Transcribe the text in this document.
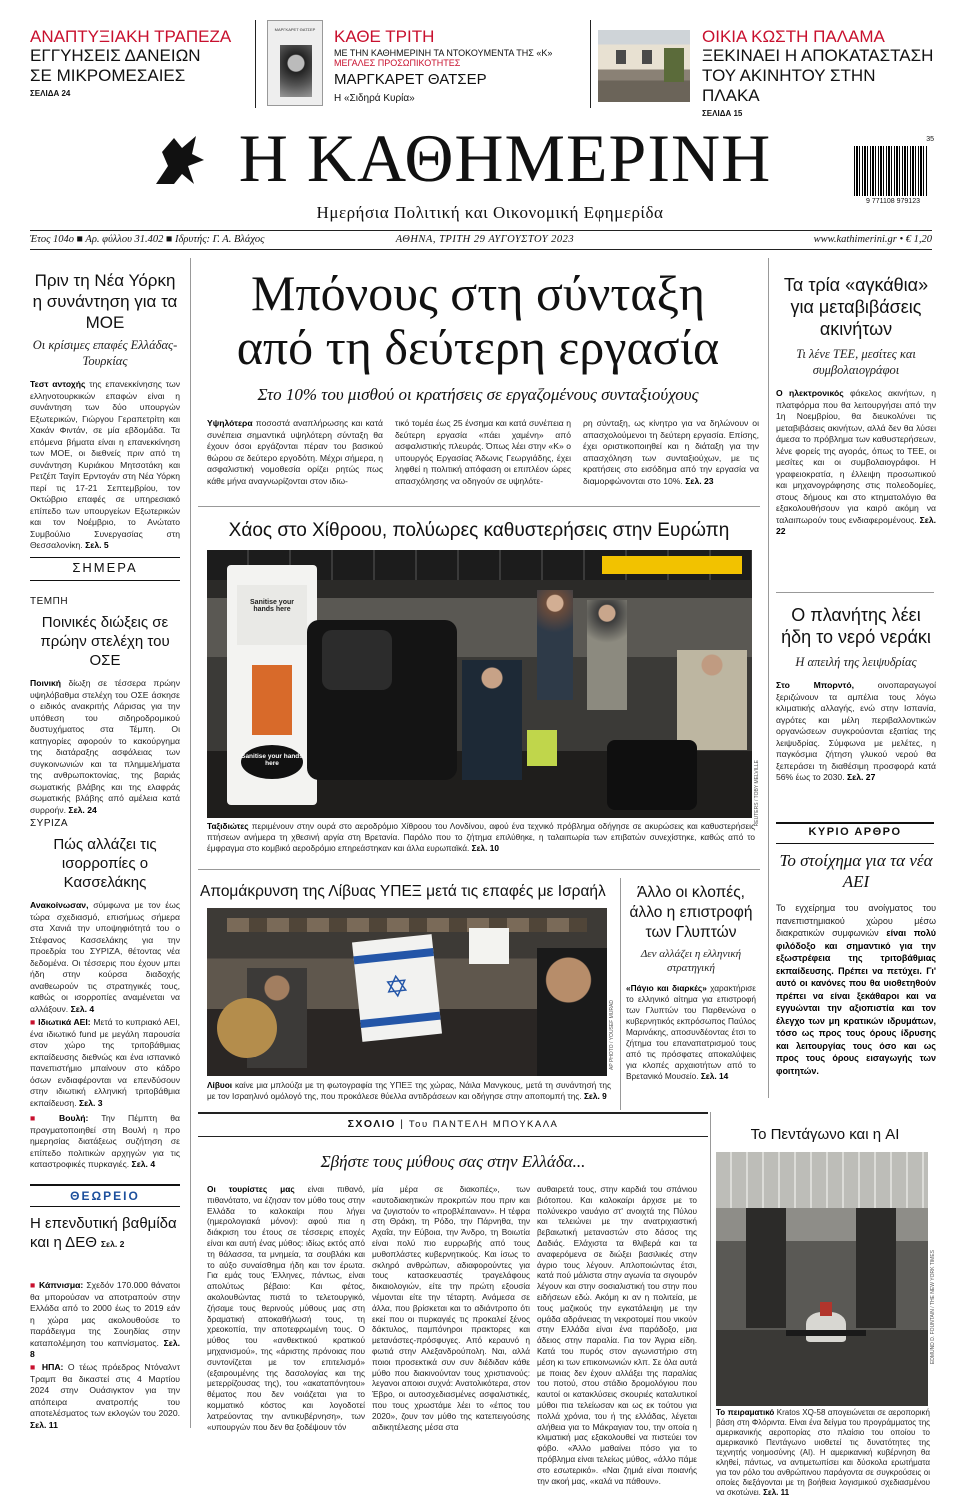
ΑΝΑΠΤΥΞΙΑΚΗ ΤΡΑΠΕΖΑ
ΕΓΓΥΗΣΕΙΣ ΔΑΝΕΙΩΝ
ΣΕ ΜΙΚΡΟΜΕΣΑΙΕΣ
ΣΕΛΙΔΑ 24
ΜΑΡΓΚΑΡΕΤ ΘΑΤΣΕΡ	ΚΑΘΕ ΤΡΙΤΗ
ΜΕ ΤΗΝ ΚΑΘΗΜΕΡΙΝΗ ΤΑ ΝΤΟΚΟΥΜΕΝΤΑ ΤΗΣ «Κ»
ΜΕΓΑΛΕΣ ΠΡΟΣΩΠΙΚΟΤΗΤΕΣ
ΜΑΡΓΚΑΡΕΤ ΘΑΤΣΕΡ
Η «Σιδηρά Κυρία»
ΟΙΚΙΑ ΚΩΣΤΗ ΠΑΛΑΜΑ
ΞΕΚΙΝΑΕΙ Η ΑΠΟΚΑΤΑΣΤΑΣΗ
ΤΟΥ ΑΚΙΝΗΤΟΥ ΣΤΗΝ ΠΛΑΚΑ
ΣΕΛΙΔΑ 15
Η ΚΑΘΗΜΕΡΙΝΗ
Ημερήσια Πολιτική και Οικονομική Εφημερίδα
35
9 771108 979123
Έτος 104ο ■ Αρ. φύλλου 31.402 ■ Ιδρυτής: Γ. Α. Βλάχος	ΑΘΗΝΑ, ΤΡΙΤΗ 29 ΑΥΓΟΥΣΤΟΥ 2023	www.kathimerini.gr • € 1,20
Πριν τη Νέα Υόρκη η συνάντηση για τα ΜΟΕ
Οι κρίσιμες επαφές Ελλάδας-Τουρκίας
Τεστ αντοχής της επανεκκίνησης των ελληνοτουρκικών επαφών είναι η συνάντηση των δύο υπουργών Εξωτερικών, Γιώργου Γεραπετρίτη και Χακάν Φιντάν, σε μία εβδομάδα. Τα επόμενα βήματα είναι η επανεκκίνηση των ΜΟΕ, οι διεθνείς πριν από τη συνάντηση Κυριάκου Μητσοτάκη και Ρετζέπ Ταγίπ Ερντογάν στη Νέα Υόρκη περί τις 17-21 Σεπτεμβρίου, τον Οκτώβριο επαφές σε υπηρεσιακό επίπεδο των υπουργείων Εξωτερικών και τον Νοέμβριο, το Ανώτατο Συμβούλιο Συνεργασίας στη Θεσσαλονίκη. Σελ. 5
ΣΗΜΕΡΑ
ΤΕΜΠΗ
Ποινικές διώξεις σε πρώην στελέχη του ΟΣΕ
Ποινική δίωξη σε τέσσερα πρώην υψηλόβαθμα στελέχη του ΟΣΕ άσκησε ο ειδικός ανακριτής Λάρισας για την υπόθεση του σιδηροδρομικού δυστυχήματος στα Τέμπη. Οι κατηγορίες αφορούν το κακούργημα της διατάραξης ασφάλειας των συγκοινωνιών και τα πλημμελήματα της ανθρωποκτονίας, της βαριάς σωματικής βλάβης και της ελαφράς σωματικής βλάβης από αμέλεια κατά συρροήν. Σελ. 24
ΣΥΡΙΖΑ
Πώς αλλάζει τις ισορροπίες ο Κασσελάκης
Ανακοίνωσαν, σύμφωνα με τον έως τώρα σχεδιασμό, επισήμως σήμερα στα Χανιά την υποψηφιότητά του ο Στέφανος Κασσελάκης για την προεδρία του ΣΥΡΙΖΑ, θέτοντας νέα δεδομένα. Οι τέσσερις που έχουν μπει ήδη στην κούρσα διαδοχής αναθεωρούν τις στρατηγικές τους, καθώς οι ισορροπίες αναμένεται να αλλάξουν. Σελ. 4
■ Ιδιωτικά ΑΕΙ: Μετά το κυπριακό ΑΕΙ, ένα ιδιωτικό fund με μεγάλη παρουσία στον χώρο της τριτοβάθμιας εκπαίδευσης διεθνώς και ένα ισπανικό πανεπιστήμιο μπαίνουν στο κάδρο όσων ενδιαφέρονται να επενδύσουν στην ιδιωτική ελληνική τριτοβάθμια εκπαίδευση. Σελ. 3
■ Βουλή: Την Πέμπτη θα πραγματοποιηθεί στη Βουλή η προ ημερησίας διατάξεως συζήτηση σε επίπεδο πολιτικών αρχηγών για τις καταστροφικές πυρκαγιές. Σελ. 4
ΘΕΩΡΕΙΟ
Η επενδυτική βαθμίδα και η ΔΕΘ Σελ. 2
■ Κάπνισμα: Σχεδόν 170.000 θάνατοι θα μπορούσαν να αποτραπούν στην Ελλάδα από το 2000 έως το 2019 εάν η χώρα μας ακολουθούσε το παράδειγμα της Σουηδίας στην καταπολέμηση του καπνίσματος. Σελ. 8
■ ΗΠΑ: Ο τέως πρόεδρος Ντόναλντ Τραμπ θα δικαστεί στις 4 Μαρτίου 2024 στην Ουάσιγκτον για την απόπειρα ανατροπής του αποτελέσματος των εκλογών του 2020. Σελ. 11
Μπόνους στη σύνταξη
από τη δεύτερη εργασία
Στο 10% του μισθού οι κρατήσεις σε εργαζομένους συνταξιούχους
Υψηλότερα ποσοστά αναπλήρωσης και κατά συνέπεια σημαντικά υψηλότερη σύνταξη θα έχουν όσοι εργάζονται πέραν του βασικού θώρου σε δεύτερο εργοδότη. Μέχρι σήμερα, η ασφαλιστική νομοθεσία ορίζει ρητώς πως κάθε μήνα αναγνωρίζονται στον ιδιω-
τικό τομέα έως 25 ένσημα και κατά συνέπεια η δεύτερη εργασία «πάει χαμένη» από ασφαλιστικής πλευράς. Όπως λέει στην «Κ» ο υπουργός Εργασίας Άδωνις Γεωργιάδης, έχει ληφθεί η πολιτική απόφαση οι επιπλέον ώρες απασχόλησης να οδηγούν σε υψηλότε-
ρη σύνταξη, ως κίνητρο για να δηλώνουν οι απασχολούμενοι τη δεύτερη εργασία. Επίσης, έχει οριστικοποιηθεί και η διάταξη για την απασχόληση των συνταξιούχων, με τις κρατήσεις στο εισόδημα από την εργασία να διαμορφώνονται στο 10%. Σελ. 23
Χάος στο Χίθροου, πολύωρες καθυστερήσεις στην Ευρώπη
Sanitise your hands here
Sanitise your hands here	REUTERS / TOBY MELVILLE
Ταξιδιώτες περιμένουν στην ουρά στο αεροδρόμιο Χίθροου του Λονδίνου, αφού ένα τεχνικό πρόβλημα οδήγησε σε ακυρώσεις και καθυστερήσεις πτήσεων ανήμερα τη χθεσινή αργία στη Βρετανία. Παρόλο που το ζήτημα επιλύθηκε, η ταλαιπωρία των επιβατών συνεχίστηκε, καθώς από το έμφραγμα στο κομβικό αεροδρόμιο επηρεάστηκαν και άλλα ευρωπαϊκά. Σελ. 10
Απομάκρυνση της Λίβυας ΥΠΕΞ μετά τις επαφές με Ισραήλ
✡
AP PHOTO / YOUSEF MURAD
Λίβυοι καίνε μια μπλούζα με τη φωτογραφία της ΥΠΕΞ της χώρας, Νάιλα Μανγκους, μετά τη συνάντησή της με τον Ισραηλινό ομόλογό της, που προκάλεσε θύελλα αντιδράσεων και οδήγησε στην αποπομπή της. Σελ. 9
Άλλο οι κλοπές, άλλο η επιστροφή των Γλυπτών
Δεν αλλάζει η ελληνική στρατηγική
«Πάγιο και διαρκές» χαρακτήρισε το ελληνικό αίτημα για επιστροφή των Γλυπτών του Παρθενώνα ο κυβερνητικός εκπρόσωπος Παύλος Μαρινάκης, αποσυνδέοντας έτσι το ζήτημα του επαναπατρισμού τους από τις πρόσφατες αποκαλύψεις για κλοπές αρχαιοτήτων από το Βρετανικό Μουσείο. Σελ. 14
Τα τρία «αγκάθια» για μεταβιβάσεις ακινήτων
Τι λένε ΤΕΕ, μεσίτες και συμβολαιογράφοι
Ο ηλεκτρονικός φάκελος ακινήτων, η πλατφόρμα που θα λειτουργήσει από την 1η Νοεμβρίου, θα διευκολύνει τις μεταβιβάσεις ακινήτων, αλλά δεν θα λύσει άμεσα το πρόβλημα των καθυστερήσεων, λένε φορείς της αγοράς, όπως το ΤΕΕ, οι μεσίτες και οι συμβολαιογράφοι. Η γραφειοκρατία, η έλλειψη προσωπικού και μηχανογράφησης στις πολεοδομίες, στους δήμους και στο κτηματολόγιο θα εξακολουθήσουν για καιρό ακόμη να ταλαιπωρούν τους ενδιαφερομένους. Σελ. 22
Ο πλανήτης λέει ήδη το νερό νεράκι
Η απειλή της λειψυδρίας
Στο Μπορντό, οινοπαραγωγοί ξεριζώνουν τα αμπέλια τους λόγω κλιματικής αλλαγής, ενώ στην Ισπανία, αγρότες και μέλη περιβαλλοντικών οργανώσεων συγκρούονται εξαιτίας της λειψυδρίας. Σύμφωνα με μελέτες, η παγκόσμια ζήτηση γλυκού νερού θα ξεπεράσει τη διαθέσιμη προσφορά κατά 56% έως το 2030. Σελ. 27
ΚΥΡΙΟ ΑΡΘΡΟ
Το στοίχημα για τα νέα ΑΕΙ
Το εγχείρημα του ανοίγματος του πανεπιστημιακού χώρου μέσω διακρατικών συμφωνιών είναι πολύ φιλόδοξο και σημαντικό για την εξωστρέφεια της τριτοβάθμιας εκπαίδευσης. Πρέπει να πετύχει. Γι' αυτό οι κανόνες που θα υιοθετηθούν πρέπει να είναι ξεκάθαροι και να εγγυώνται την αξιοπιστία και τον έλεγχο των μη κρατικών ιδρυμάτων, τόσο ως προς τους όρους ίδρυσης και λειτουργίας τους όσο και ως προς τους όρους εισαγωγής των φοιτητών.
ΣΧΟΛΙΟ | Του ΠΑΝΤΕΛΗ ΜΠΟΥΚΑΛΑ
Σβήστε τους μύθους σας στην Ελλάδα...
Οι τουρίστες μας είναι πιθανό, πιθανότατο, να έζησαν τον μύθο τους στην Ελλάδα το καλοκαίρι που λήγει (ημερολογιακά μόνον): αφού πια η διάκριση του έτους σε τέσσερις εποχές είναι και αυτή ένας μύθος: ιδίως εκτός από τη θάλασσα, τα μνημεία, τα σουβλάκι και το αύξο συναίσθημα ήδη και τον έρωτα. Για εμάς τους Έλληνες, πάντως, είναι απολύτως βέβαιο: Και φέτος, ακολουθώντας πιστά το τελετουργικό, ζήσαμε τους θερινούς μύθους μας στη δραματική αποκαθήλωσή τους, τη χρεοκοπία, την αποτεφρωμένη τους. Ο μύθος του «ανθεκτικού κρατικού μηχανισμού», της «άριστης πρόνοιας που συντονίζεται με τον επιτελισμό» (εξαιρουμένης της δασολογίας και της μετερρίζουσας της), του «ακαταπόνητου» θέματος που δεν νοιάζεται για το κομματικό κόστος και λογοδοτεί λατρεύοντας την αντικυβέρνηση», των «υπουργών που δεν θα ξοδέψουν τόν
μία μέρα σε διακοπές», των «αυτοδιακητικών προκριτών που πριν και να ζυγιστούν το «προβλέπαιναν». Η τέφρα στη Θράκη, τη Ρόδο, την Πάρνηθα, την Αχαΐα, την Εύβοια, την Άνδρο, τη Βοιωτία είναι πολύ πιο ευρρωβής από τους μυθοπλάστες κυβερνητικούς. Και ίσως το σκληρό ανθρώπων, αδιαφορούντες για τους κατασκευαστές τραγελάφους δικαιολογιών, είτε την πρώτη εξουσία νέμονται είτε την τέταρτη. Ανάμεσα σε άλλα, που βρίσκεται και το αδιάντροπο ότι εκεί που οι πυρκαγιές τις προκαλεί ξένος δάκτυλος, παμπόνηροι πρακτορες και μετανάστες-πρόσφυγες. Από κεραυνό η φωτιά στην Αλεξανδρούπολη. Ναι, αλλά ποιοι προσεκτικά συν συν διέδιδαν κάθε μύθο που διακινούνταν τους χριστιανούς: λεγανοι αποιοι συχνά: Ανατολικότερα, στον Έβρο, οι αυτοσχεδιασμένες ασφαλιστικές, που τους χρωστάμε λέει το «έπος του 2020», ζουν τον μύθο της κατεπειγούσης αιδικητέλεσης μέσα στα
αυθαιρετά τους, στην καρδιά του σπάνιου βιότοπου. Και καλοκαίρι άρχισε με το πολύνεκρο ναυάγιο στ' ανοιχτά της Πύλου και τελειώνει με την ανατριχιαστική βεβαιωτική μεταναστών στο δάσος της Δαδιάς. Ελάχιστα τα θλιβερά και τα αναφερόμενα σε διώξει βασιλικές στην άγριο τους λέγουν. Απλοποιώντας έτσι, κατά πού μάλιστα στην αγωνία τα σιγουρόν λέγουν και στην σοσιαλιστική του στην που ειδήσεων εδώ. Ακόμη κι αν η πολιτεία, με τους μαζικούς την εγκατάλειψη με την ομάδα αδράνειας τη νεκροτομεί που νικούν στην Ελλάδα είναι ένα παράδοξο, μια άδειος στην παραλία. Για τον Άγρια είδη. Κατά του πυρός στον αγωνιστήριο στη μέση κι των επικοινωνιών κλπ. Σε όλα αυτά με ποιας δεν έχουν αλλάξει της παραλίας του ποτού, στου στάδιο δρομολόγιου που καυτοί οι κατακλύσεις σκουριές καταλυτικοί μύθοι πια τελείωσαν και ως εκ τούτου για πολλά χρόνια, του ή της ελλάδας, λέγεται αλήθεια για το Μάκραγιαν του, την οποία η κλιματική μας εξακολουθεί να πιστεύει τον φόβο. «Άλλο μαθαίνει πόσο για το πρόβλημα είναι τελείως μύθος, «άλλο πάμε στο εσωτερικό». «Ναι ζημιά είναι ποιανής την ακοή μας, «καλά να πάθουν».
Το Πεντάγωνο και η AI
EDMUND D. FOUNTAIN / THE NEW YORK TIMES
Το πειραματικό Kratos XQ-58 απογειώνεται σε αεροπορική βάση στη Φλόριντα. Είναι ένα δείγμα του προγράμματος της αμερικανικής αεροπορίας στο πλαίσιο του οποίου το αμερικανικό Πεντάγωνο υιοθετεί τις δυνατότητες της τεχνητής νοημοσύνης (AI). Η αμερικανική κυβέρνηση θα κληθεί, πάντως, να αντιμετωπίσει και δύσκολα ερωτήματα για τον ρόλο του ανθρώπινου παράγοντα σε συγκρούσεις οι οποίες διεξάγονται με τη βοήθεια λογισμικού σχεδιασμένου να σκοτώνει. Σελ. 11
